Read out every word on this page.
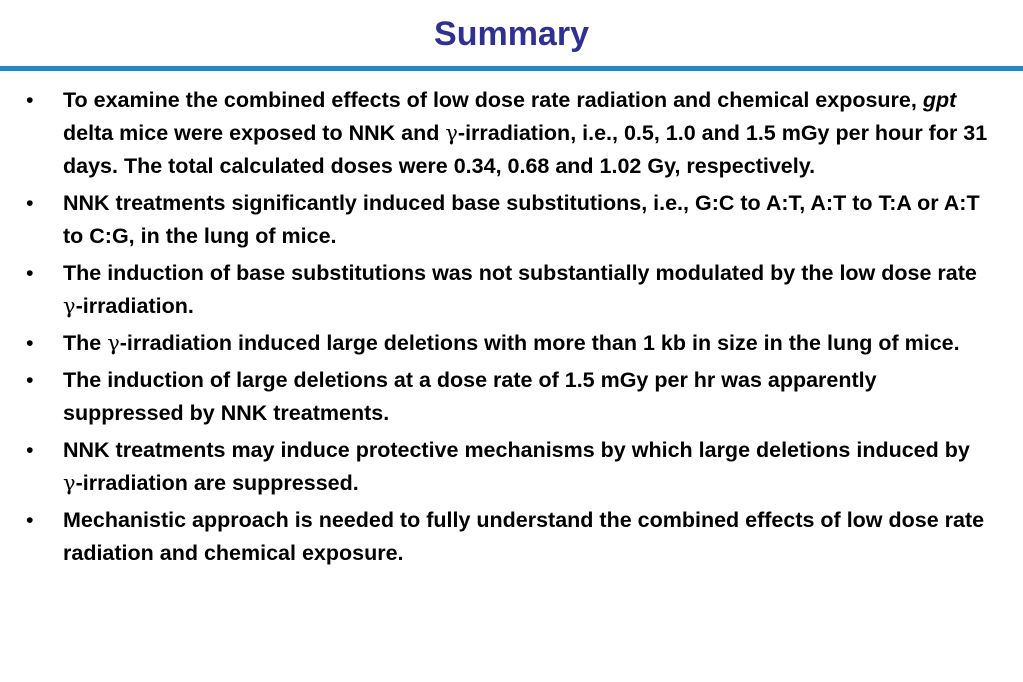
Summary
• To examine the combined effects of low dose rate radiation and chemical exposure, gpt delta mice were exposed to NNK and γ-irradiation, i.e., 0.5, 1.0 and 1.5 mGy per hour for 31 days. The total calculated doses were 0.34, 0.68 and 1.02 Gy, respectively.
• NNK treatments significantly induced base substitutions, i.e., G:C to A:T, A:T to T:A or A:T to C:G, in the lung of mice.
• The induction of base substitutions was not substantially modulated by the low dose rate γ-irradiation.
• The γ-irradiation induced large deletions with more than 1 kb in size in the lung of mice.
• The induction of large deletions at a dose rate of 1.5 mGy per hr was apparently suppressed by NNK treatments.
• NNK treatments may induce protective mechanisms by which large deletions induced by γ-irradiation are suppressed.
• Mechanistic approach is needed to fully understand the combined effects of low dose rate radiation and chemical exposure.
